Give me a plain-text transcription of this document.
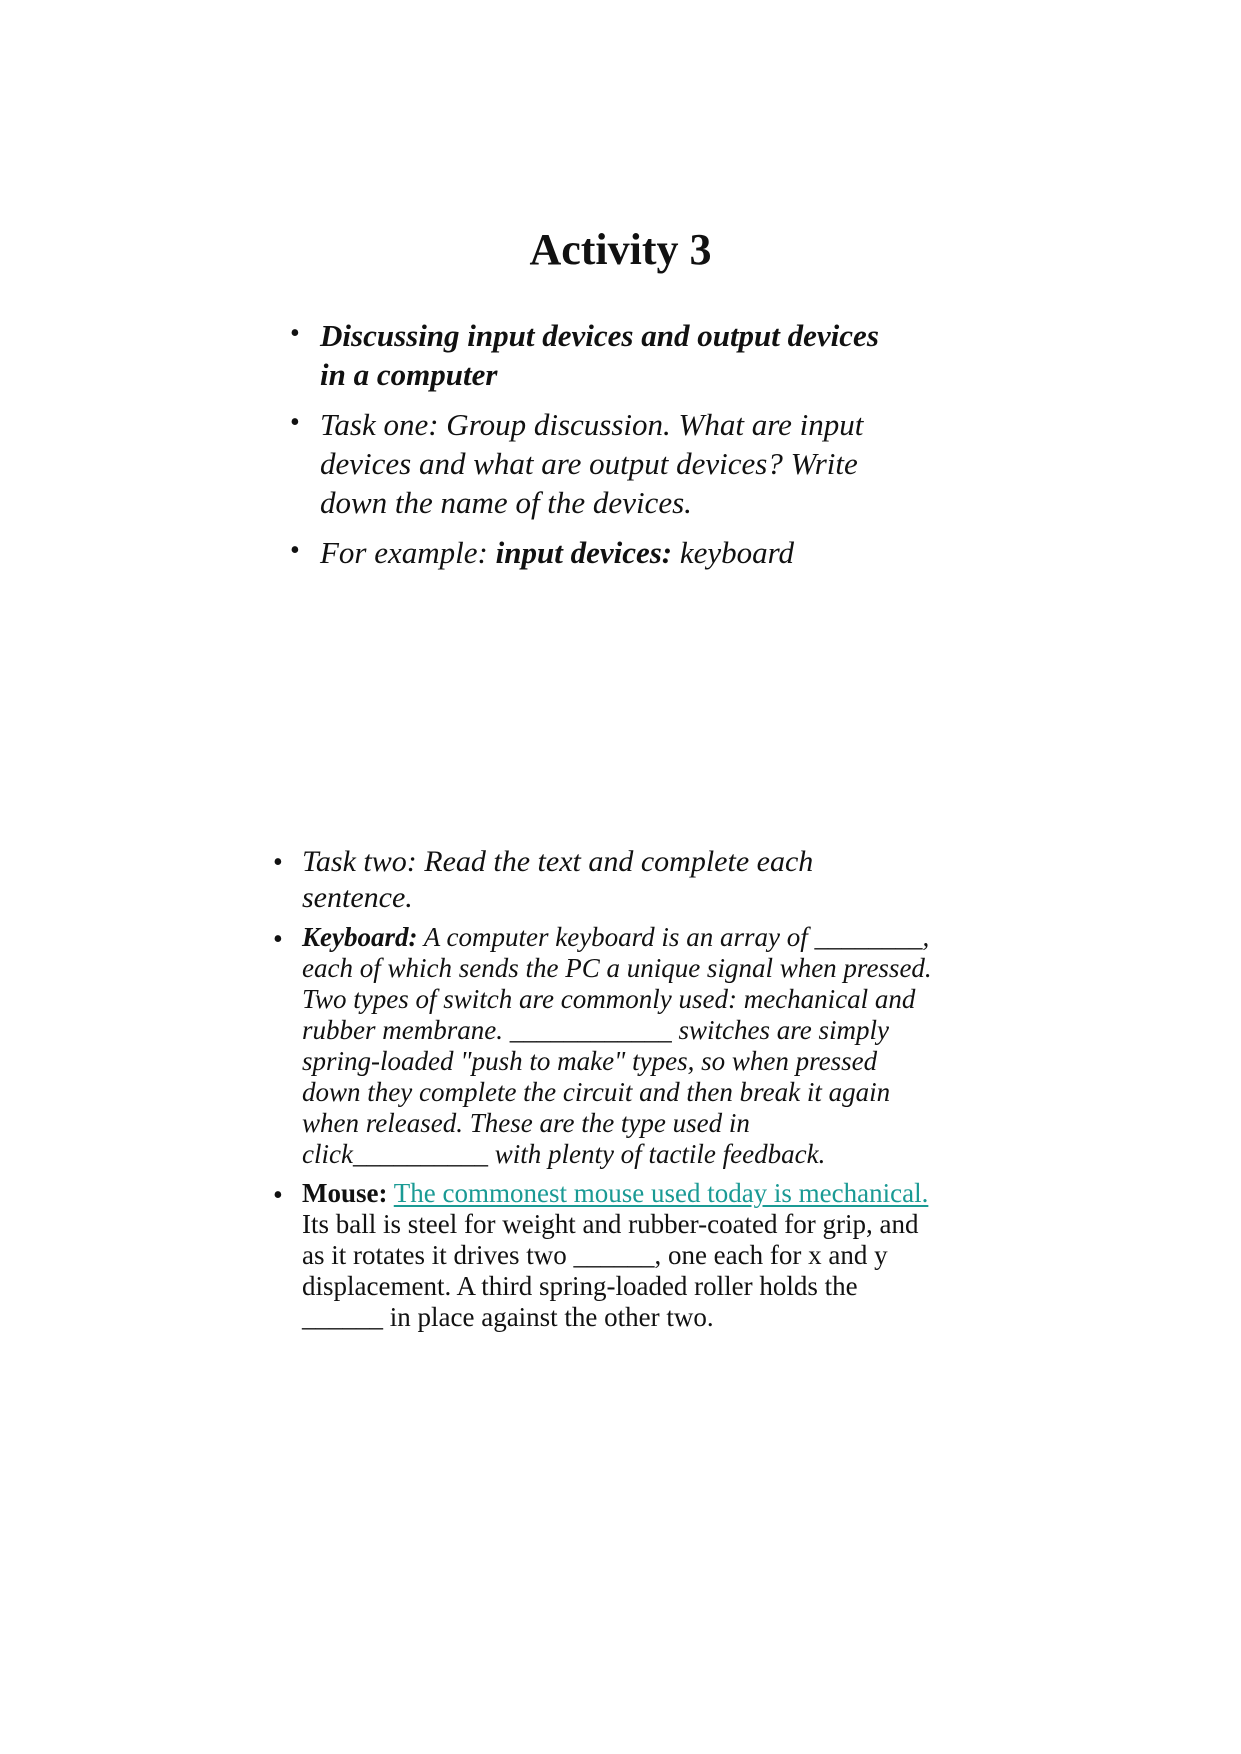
Activity 3
• Discussing input devices and output devices
in a computer
• Task one: Group discussion. What are input
devices and what are output devices? Write
down the name of the devices.
• For example: input devices: keyboard
• Task two: Read the text and complete each
sentence.
• Keyboard: A computer keyboard is an array of ________,
each of which sends the PC a unique signal when pressed.
Two types of switch are commonly used: mechanical and
rubber membrane. ____________ switches are simply
spring-loaded "push to make" types, so when pressed
down they complete the circuit and then break it again
when released. These are the type used in
click__________ with plenty of tactile feedback.
• Mouse: The commonest mouse used today is mechanical.
Its ball is steel for weight and rubber-coated for grip, and
as it rotates it drives two ______, one each for x and y
displacement. A third spring-loaded roller holds the
______ in place against the other two.
